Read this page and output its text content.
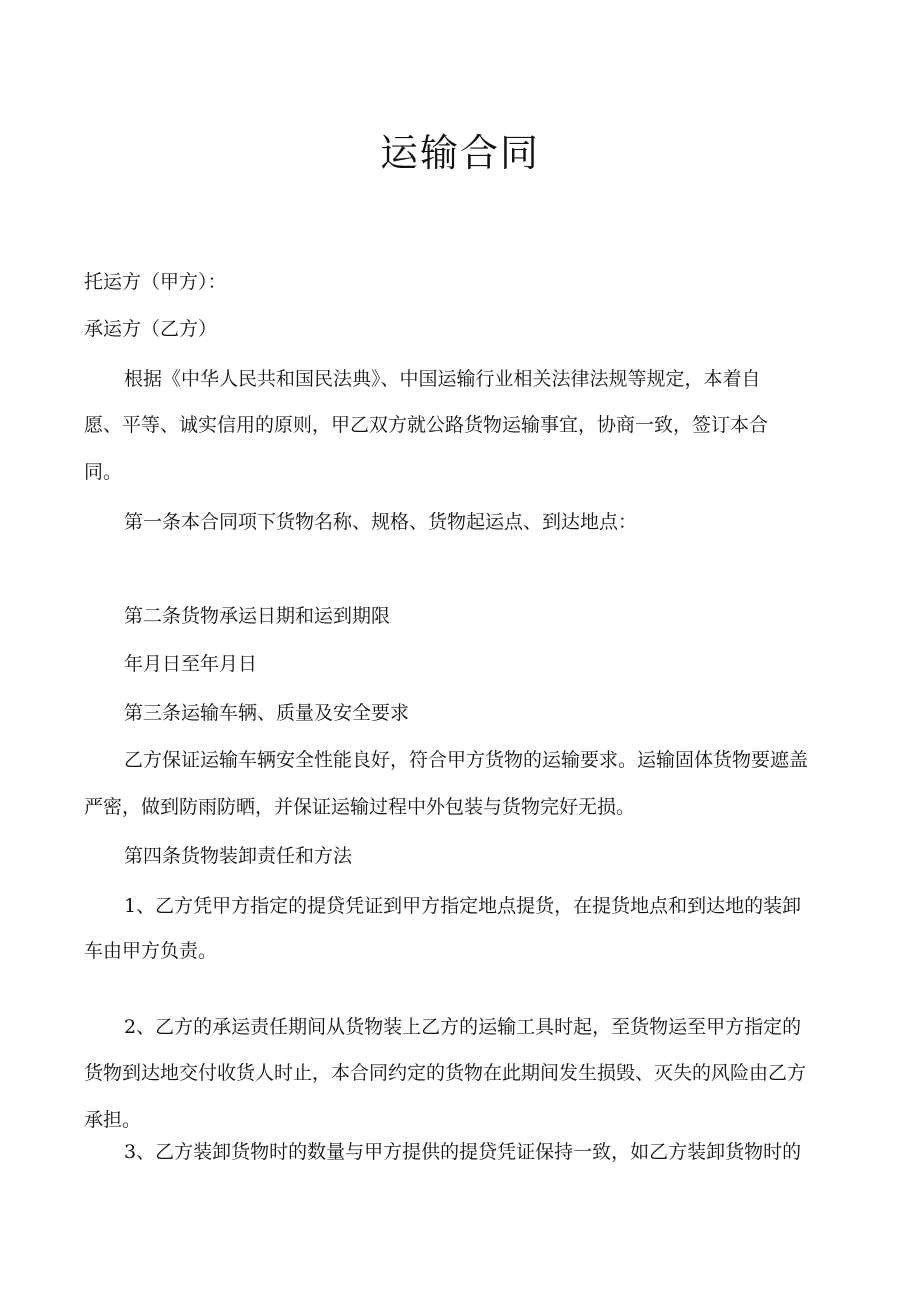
运输合同
托运方（甲方）：
承运方（乙方）
根据《中华人民共和国民法典》、中国运输行业相关法律法规等规定，本着自
愿、平等、诚实信用的原则，甲乙双方就公路货物运输事宜，协商一致，签订本合
同。
第一条本合同项下货物名称、规格、货物起运点、到达地点：
第二条货物承运日期和运到期限
年月日至年月日
第三条运输车辆、质量及安全要求
乙方保证运输车辆安全性能良好，符合甲方货物的运输要求。运输固体货物要遮盖
严密，做到防雨防晒，并保证运输过程中外包装与货物完好无损。
第四条货物装卸责任和方法
1、乙方凭甲方指定的提贷凭证到甲方指定地点提货，在提货地点和到达地的装卸
车由甲方负责。
2、乙方的承运责任期间从货物装上乙方的运输工具时起，至货物运至甲方指定的
货物到达地交付收货人时止，本合同约定的货物在此期间发生损毁、灭失的风险由乙方
承担。
3、乙方装卸货物时的数量与甲方提供的提贷凭证保持一致，如乙方装卸货物时的
